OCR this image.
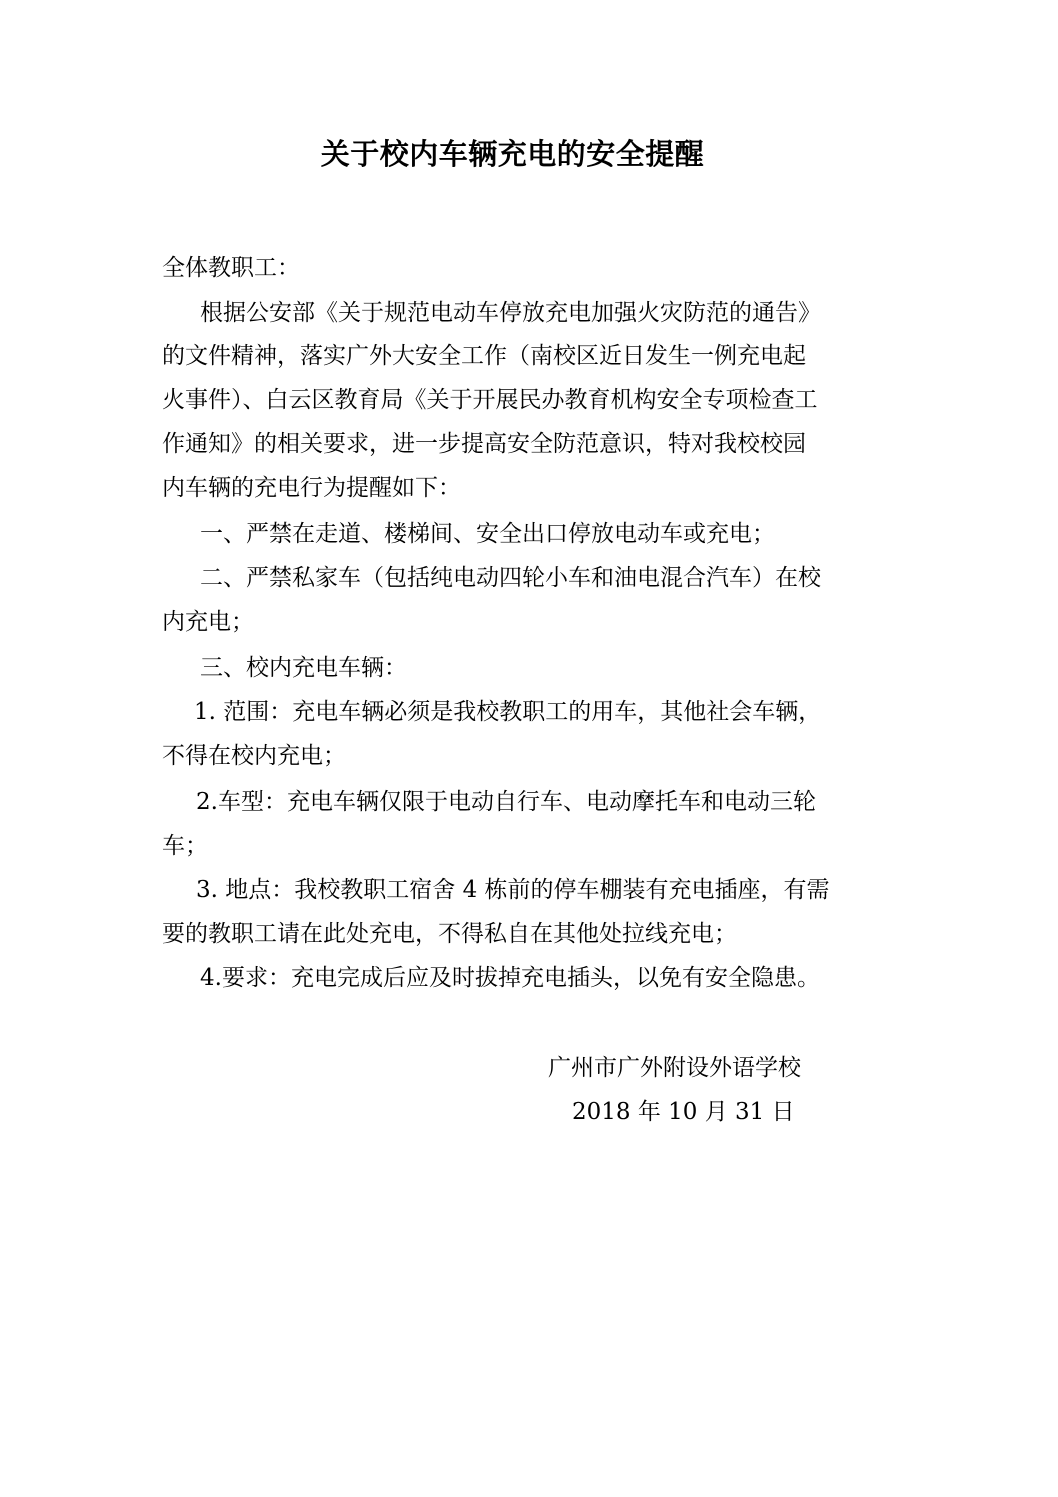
关于校内车辆充电的安全提醒
全体教职工：
根据公安部《关于规范电动车停放充电加强火灾防范的通告》
的文件精神，落实广外大安全工作（南校区近日发生一例充电起
火事件）、白云区教育局《关于开展民办教育机构安全专项检查工
作通知》的相关要求，进一步提高安全防范意识，特对我校校园
内车辆的充电行为提醒如下：
一、严禁在走道、楼梯间、安全出口停放电动车或充电；
二、严禁私家车（包括纯电动四轮小车和油电混合汽车）在校
内充电；
三、校内充电车辆：
1. 范围：充电车辆必须是我校教职工的用车，其他社会车辆，
不得在校内充电；
2.车型：充电车辆仅限于电动自行车、电动摩托车和电动三轮
车；
3. 地点：我校教职工宿舍 4 栋前的停车棚装有充电插座，有需
要的教职工请在此处充电，不得私自在其他处拉线充电；
4.要求：充电完成后应及时拔掉充电插头，以免有安全隐患。
广州市广外附设外语学校
2018 年 10 月 31 日
